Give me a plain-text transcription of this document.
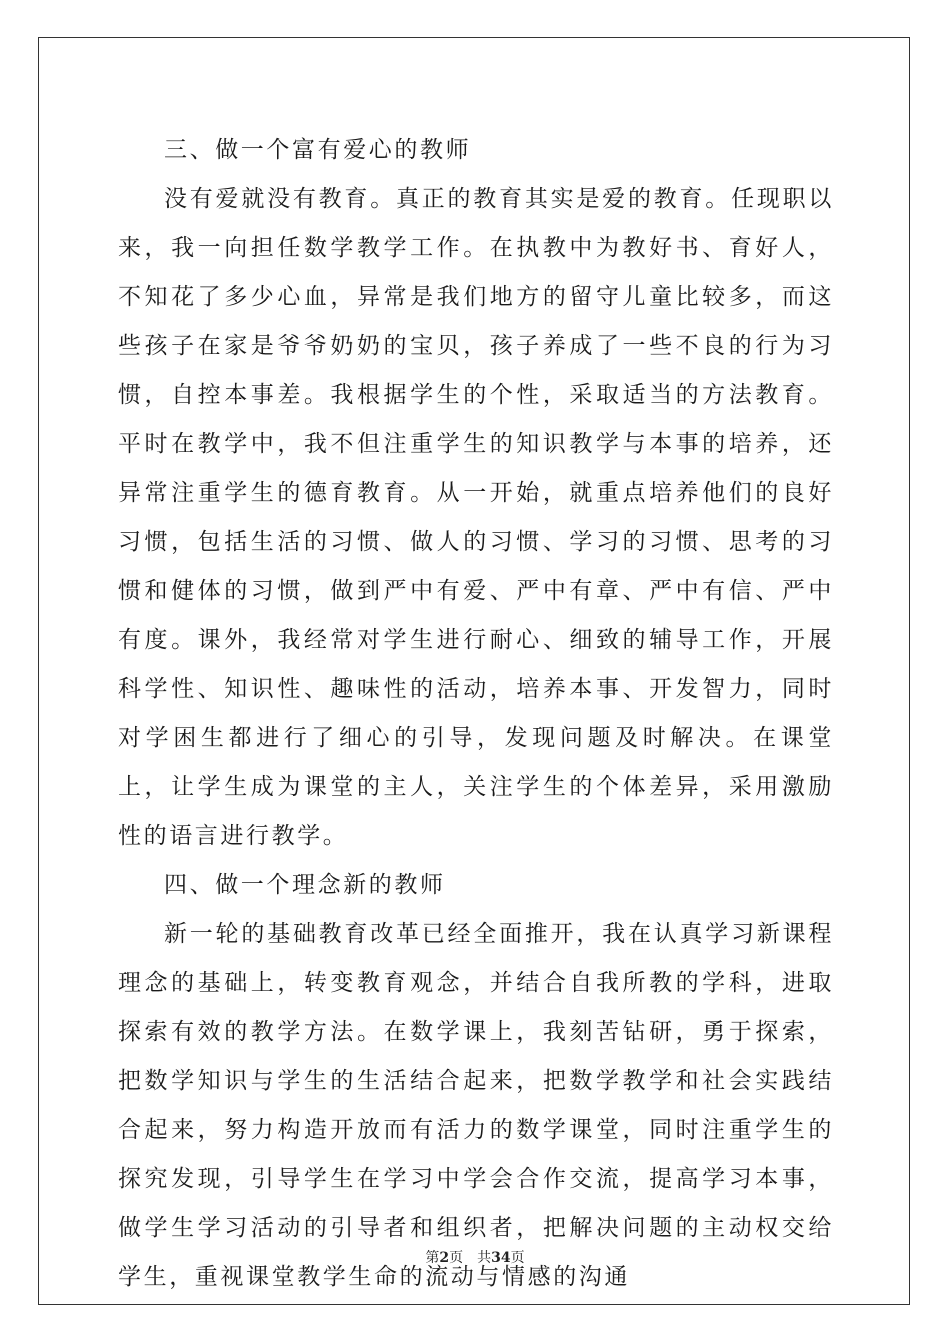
三、做一个富有爱心的教师

没有爱就没有教育。真正的教育其实是爱的教育。任现职以来，我一向担任数学教学工作。在执教中为教好书、育好人，不知花了多少心血，异常是我们地方的留守儿童比较多，而这些孩子在家是爷爷奶奶的宝贝，孩子养成了一些不良的行为习惯，自控本事差。我根据学生的个性，采取适当的方法教育。平时在教学中，我不但注重学生的知识教学与本事的培养，还异常注重学生的德育教育。从一开始，就重点培养他们的良好习惯，包括生活的习惯、做人的习惯、学习的习惯、思考的习惯和健体的习惯，做到严中有爱、严中有章、严中有信、严中有度。课外，我经常对学生进行耐心、细致的辅导工作，开展科学性、知识性、趣味性的活动，培养本事、开发智力，同时对学困生都进行了细心的引导，发现问题及时解决。在课堂上，让学生成为课堂的主人，关注学生的个体差异，采用激励性的语言进行教学。

四、做一个理念新的教师

新一轮的基础教育改革已经全面推开，我在认真学习新课程理念的基础上，转变教育观念，并结合自我所教的学科，进取探索有效的教学方法。在数学课上，我刻苦钻研，勇于探索，把数学知识与学生的生活结合起来，把数学教学和社会实践结合起来，努力构造开放而有活力的数学课堂，同时注重学生的探究发现，引导学生在学习中学会合作交流，提高学习本事，做学生学习活动的引导者和组织者，把解决问题的主动权交给学生，重视课堂教学生命的流动与情感的沟通

第2页 共34页
